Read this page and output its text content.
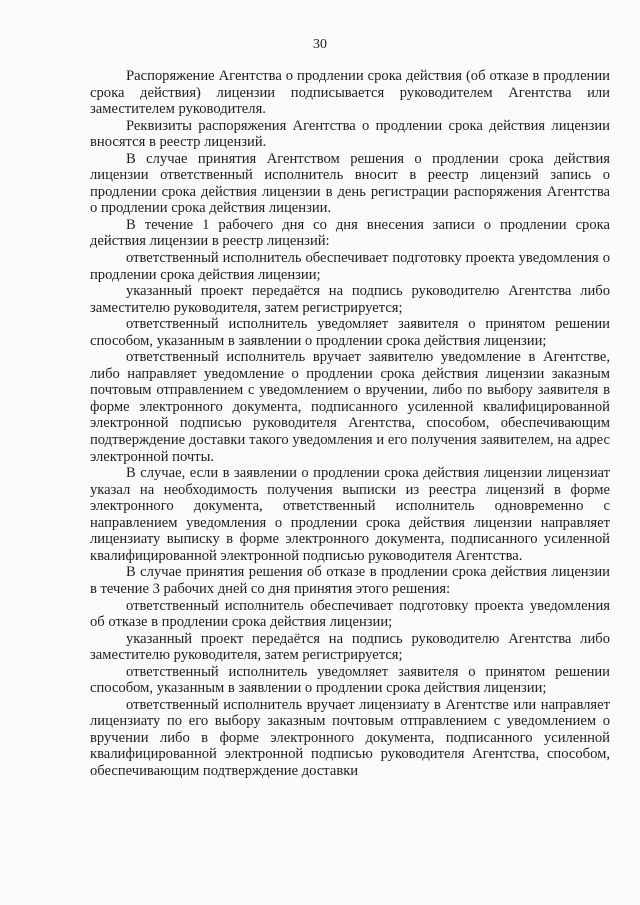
30

Распоряжение Агентства о продлении срока действия (об отказе в продлении срока действия) лицензии подписывается руководителем Агентства или заместителем руководителя.

Реквизиты распоряжения Агентства о продлении срока действия лицензии вносятся в реестр лицензий.

В случае принятия Агентством решения о продлении срока действия лицензии ответственный исполнитель вносит в реестр лицензий запись о продлении срока действия лицензии в день регистрации распоряжения Агентства о продлении срока действия лицензии.

В течение 1 рабочего дня со дня внесения записи о продлении срока действия лицензии в реестр лицензий:

ответственный исполнитель обеспечивает подготовку проекта уведомления о продлении срока действия лицензии;

указанный проект передаётся на подпись руководителю Агентства либо заместителю руководителя, затем регистрируется;

ответственный исполнитель уведомляет заявителя о принятом решении способом, указанным в заявлении о продлении срока действия лицензии;

ответственный исполнитель вручает заявителю уведомление в Агентстве, либо направляет уведомление о продлении срока действия лицензии заказным почтовым отправлением с уведомлением о вручении, либо по выбору заявителя в форме электронного документа, подписанного усиленной квалифицированной электронной подписью руководителя Агентства, способом, обеспечивающим подтверждение доставки такого уведомления и его получения заявителем, на адрес электронной почты.

В случае, если в заявлении о продлении срока действия лицензии лицензиат указал на необходимость получения выписки из реестра лицензий в форме электронного документа, ответственный исполнитель одновременно с направлением уведомления о продлении срока действия лицензии направляет лицензиату выписку в форме электронного документа, подписанного усиленной квалифицированной электронной подписью руководителя Агентства.

В случае принятия решения об отказе в продлении срока действия лицензии в течение 3 рабочих дней со дня принятия этого решения:

ответственный исполнитель обеспечивает подготовку проекта уведомления об отказе в продлении срока действия лицензии;

указанный проект передаётся на подпись руководителю Агентства либо заместителю руководителя, затем регистрируется;

ответственный исполнитель уведомляет заявителя о принятом решении способом, указанным в заявлении о продлении срока действия лицензии;

ответственный исполнитель вручает лицензиату в Агентстве или направляет лицензиату по его выбору заказным почтовым отправлением с уведомлением о вручении либо в форме электронного документа, подписанного усиленной квалифицированной электронной подписью руководителя Агентства, способом, обеспечивающим подтверждение доставки
